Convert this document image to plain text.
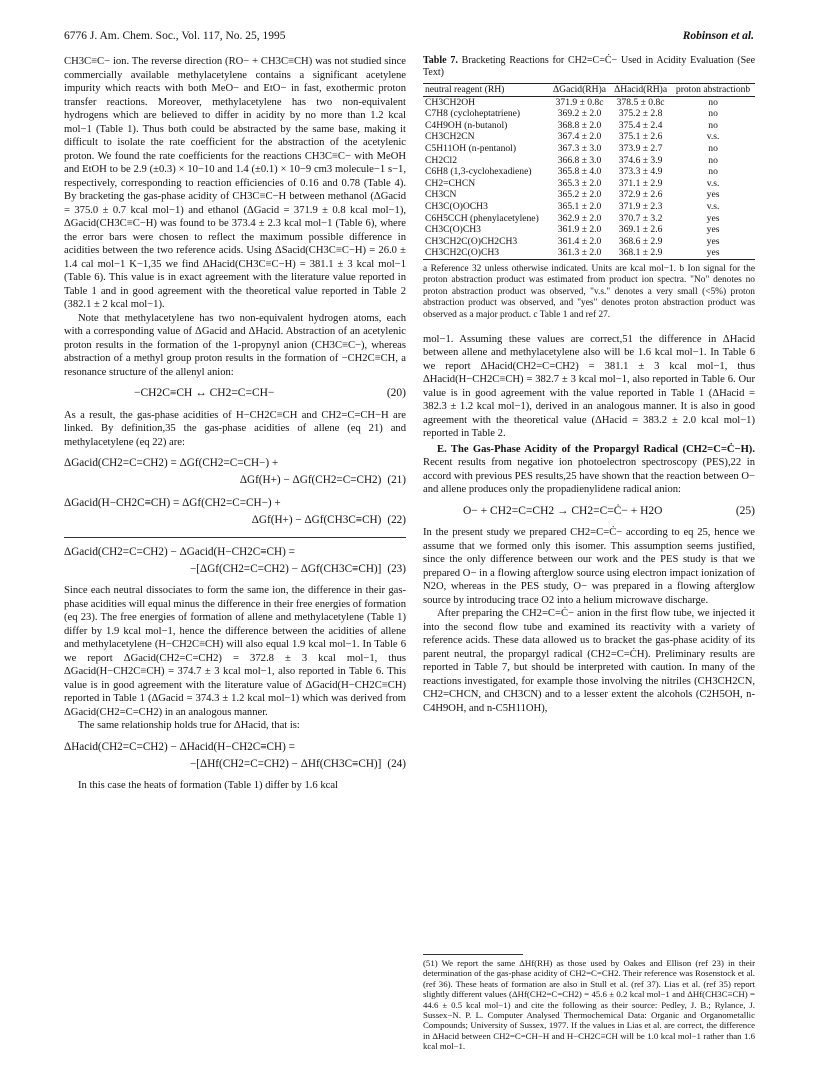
6776 J. Am. Chem. Soc., Vol. 117, No. 25, 1995	Robinson et al.

CH3C≡C− ion. The reverse direction (RO− + CH3C≡CH) was not studied since commercially available methylacetylene contains a significant acetylene impurity which reacts with both MeO− and EtO− in fast, exothermic proton transfer reactions. Moreover, methylacetylene has two non-equivalent hydrogens which are believed to differ in acidity by no more than 1.2 kcal mol−1 (Table 1). Thus both could be abstracted by the same base, making it difficult to isolate the rate coefficient for the abstraction of the acetylenic proton. We found the rate coefficients for the reactions CH3C≡C− with MeOH and EtOH to be 2.9 (±0.3) × 10−10 and 1.4 (±0.1) × 10−9 cm3 molecule−1 s−1, respectively, corresponding to reaction efficiencies of 0.16 and 0.78 (Table 4). By bracketing the gas-phase acidity of CH3C≡C−H between methanol (ΔGacid = 375.0 ± 0.7 kcal mol−1) and ethanol (ΔGacid = 371.9 ± 0.8 kcal mol−1), ΔGacid(CH3C≡C−H) was found to be 373.4 ± 2.3 kcal mol−1 (Table 6), where the error bars were chosen to reflect the maximum possible difference in acidities between the two reference acids. Using ΔSacid(CH3C≡C−H) = 26.0 ± 1.4 cal mol−1 K−1,35 we find ΔHacid(CH3C≡C−H) = 381.1 ± 3 kcal mol−1 (Table 6). This value is in exact agreement with the literature value reported in Table 1 and in good agreement with the theoretical value reported in Table 2 (382.1 ± 2 kcal mol−1).

Note that methylacetylene has two non-equivalent hydrogen atoms, each with a corresponding value of ΔGacid and ΔHacid. Abstraction of an acetylenic proton results in the formation of the 1-propynyl anion (CH3C≡C−), whereas abstraction of a methyl group proton results in the formation of −CH2C≡CH, a resonance structure of the allenyl anion:

−CH2C≡CH ↔ CH2=C=CH−	(20)

As a result, the gas-phase acidities of H−CH2C≡CH and CH2=C=CH−H are linked. By definition,35 the gas-phase acidities of allene (eq 21) and methylacetylene (eq 22) are:

ΔGacid(CH2=C=CH2) = ΔGf(CH2=C=CH−) +
ΔGf(H+) − ΔGf(CH2=C=CH2) (21)
ΔGacid(H−CH2C≡CH) = ΔGf(CH2=C=CH−) +
ΔGf(H+) − ΔGf(CH3C≡CH) (22)
ΔGacid(CH2=C=CH2) − ΔGacid(H−CH2C≡CH) =
−[ΔGf(CH2=C=CH2) − ΔGf(CH3C≡CH)] (23)

Since each neutral dissociates to form the same ion, the difference in their gas-phase acidities will equal minus the difference in their free energies of formation (eq 23). The free energies of formation of allene and methylacetylene (Table 1) differ by 1.9 kcal mol−1, hence the difference between the acidities of allene and methylacetylene (H−CH2C≡CH) will also equal 1.9 kcal mol−1. In Table 6 we report ΔGacid(CH2=C=CH2) = 372.8 ± 3 kcal mol−1, thus ΔGacid(H−CH2C≡CH) = 374.7 ± 3 kcal mol−1, also reported in Table 6. This value is in good agreement with the literature value of ΔGacid(H−CH2C≡CH) reported in Table 1 (ΔGacid = 374.3 ± 1.2 kcal mol−1) which was derived from ΔGacid(CH2=C=CH2) in an analogous manner.

The same relationship holds true for ΔHacid, that is:

ΔHacid(CH2=C=CH2) − ΔHacid(H−CH2C≡CH) =
−[ΔHf(CH2=C=CH2) − ΔHf(CH3C≡CH)] (24)

In this case the heats of formation (Table 1) differ by 1.6 kcal

Table 7. Bracketing Reactions for CH2=C=Ċ− Used in Acidity Evaluation (See Text)
neutral reagent (RH)	ΔGacid(RH)a	ΔHacid(RH)a	proton abstractionb
CH3CH2OH	371.9 ± 0.8c	378.5 ± 0.8c	no
C7H8 (cycloheptatriene)	369.2 ± 2.0	375.2 ± 2.8	no
C4H9OH (n-butanol)	368.8 ± 2.0	375.4 ± 2.4	no
CH3CH2CN	367.4 ± 2.0	375.1 ± 2.6	v.s.
C5H11OH (n-pentanol)	367.3 ± 3.0	373.9 ± 2.7	no
CH2Cl2	366.8 ± 3.0	374.6 ± 3.9	no
C6H8 (1,3-cyclohexadiene)	365.8 ± 4.0	373.3 ± 4.9	no
CH2=CHCN	365.3 ± 2.0	371.1 ± 2.9	v.s.
CH3CN	365.2 ± 2.0	372.9 ± 2.6	yes
CH3C(O)OCH3	365.1 ± 2.0	371.9 ± 2.3	v.s.
C6H5CCH (phenylacetylene)	362.9 ± 2.0	370.7 ± 3.2	yes
CH3C(O)CH3	361.9 ± 2.0	369.1 ± 2.6	yes
CH3CH2C(O)CH2CH3	361.4 ± 2.0	368.6 ± 2.9	yes
CH3CH2C(O)CH3	361.3 ± 2.0	368.1 ± 2.9	yes
a Reference 32 unless otherwise indicated. Units are kcal mol−1. b Ion signal for the proton abstraction product was estimated from product ion spectra. "No" denotes no proton abstraction product was observed, "v.s." denotes a very small (<5%) proton abstraction product was observed, and "yes" denotes proton abstraction product was observed as a major product. c Table 1 and ref 27.

mol−1. Assuming these values are correct,51 the difference in ΔHacid between allene and methylacetylene also will be 1.6 kcal mol−1. In Table 6 we report ΔHacid(CH2=C=CH2) = 381.1 ± 3 kcal mol−1, thus ΔHacid(H−CH2C≡CH) = 382.7 ± 3 kcal mol−1, also reported in Table 6. Our value is in good agreement with the value reported in Table 1 (ΔHacid = 382.3 ± 1.2 kcal mol−1), derived in an analogous manner. It is also in good agreement with the theoretical value (ΔHacid = 383.2 ± 2.0 kcal mol−1) reported in Table 2.

E. The Gas-Phase Acidity of the Propargyl Radical (CH2=C=Ċ−H). Recent results from negative ion photoelectron spectroscopy (PES),22 in accord with previous PES results,25 have shown that the reaction between O− and allene produces only the propadienylidene radical anion:

O− + CH2=C=CH2 → CH2=C=Ċ− + H2O	(25)

In the present study we prepared CH2=C=Ċ− according to eq 25, hence we assume that we formed only this isomer. This assumption seems justified, since the only difference between our work and the PES study is that we prepared O− in a flowing afterglow source using electron impact ionization of N2O, whereas in the PES study, O− was prepared in a flowing afterglow source by introducing trace O2 into a helium microwave discharge.

After preparing the CH2=C=Ċ− anion in the first flow tube, we injected it into the second flow tube and examined its reactivity with a variety of reference acids. These data allowed us to bracket the gas-phase acidity of its parent neutral, the propargyl radical (CH2=C=ĊH). Preliminary results are reported in Table 7, but should be interpreted with caution. In many of the reactions investigated, for example those involving the nitriles (CH3CH2CN, CH2=CHCN, and CH3CN) and to a lesser extent the alcohols (C2H5OH, n-C4H9OH, and n-C5H11OH),

(51) We report the same ΔHf(RH) as those used by Oakes and Ellison (ref 23) in their determination of the gas-phase acidity of CH2=C=CH2. Their reference was Rosenstock et al. (ref 36). These heats of formation are also in Stull et al. (ref 37). Lias et al. (ref 35) report slightly different values (ΔHf(CH2=C=CH2) = 45.6 ± 0.2 kcal mol−1 and ΔHf(CH3C≡CH) = 44.6 ± 0.5 kcal mol−1) and cite the following as their source: Pedley, J. B.; Rylance, J. Sussex−N. P. L. Computer Analysed Thermochemical Data: Organic and Organometallic Compounds; University of Sussex, 1977. If the values in Lias et al. are correct, the difference in ΔHacid between CH2=C=CH−H and H−CH2C≡CH will be 1.0 kcal mol−1 rather than 1.6 kcal mol−1.
